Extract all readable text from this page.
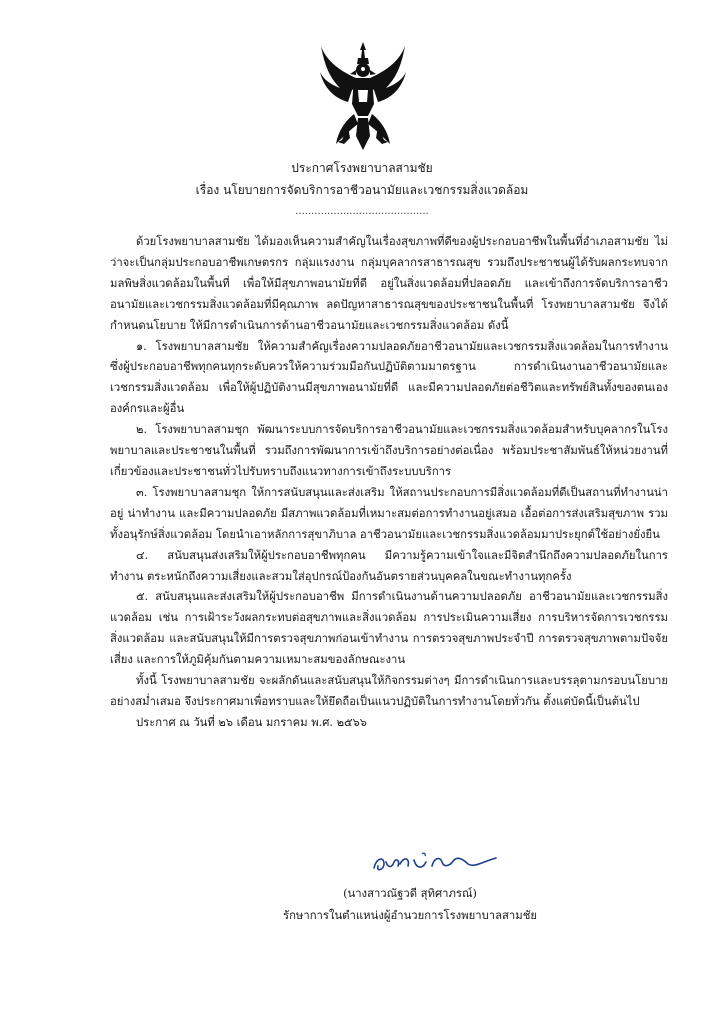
ประกาศโรงพยาบาลสามชัย
เรื่อง นโยบายการจัดบริการอาชีวอนามัยและเวชกรรมสิ่งแวดล้อม
..........................................

ด้วยโรงพยาบาลสามชัย ได้มองเห็นความสำคัญในเรื่องสุขภาพที่ดีของผู้ประกอบอาชีพในพื้นที่อำเภอสามชัย ไม่ว่าจะเป็นกลุ่มประกอบอาชีพเกษตรกร กลุ่มแรงงาน กลุ่มบุคลากรสาธารณสุข รวมถึงประชาชนผู้ได้รับผลกระทบจากมลพิษสิ่งแวดล้อมในพื้นที่ เพื่อให้มีสุขภาพอนามัยที่ดี อยู่ในสิ่งแวดล้อมที่ปลอดภัย และเข้าถึงการจัดบริการอาชีวอนามัยและเวชกรรมสิ่งแวดล้อมที่มีคุณภาพ ลดปัญหาสาธารณสุขของประชาชนในพื้นที่ โรงพยาบาลสามชัย จึงได้กำหนดนโยบาย ให้มีการดำเนินการด้านอาชีวอนามัยและเวชกรรมสิ่งแวดล้อม ดังนี้

๑. โรงพยาบาลสามชัย ให้ความสำคัญเรื่องความปลอดภัยอาชีวอนามัยและเวชกรรมสิ่งแวดล้อมในการทำงาน ซึ่งผู้ประกอบอาชีพทุกคนทุกระดับควรให้ความร่วมมือกันปฏิบัติตามมาตรฐาน การดำเนินงานอาชีวอนามัยและเวชกรรมสิ่งแวดล้อม เพื่อให้ผู้ปฏิบัติงานมีสุขภาพอนามัยที่ดี และมีความปลอดภัยต่อชีวิตและทรัพย์สินทั้งของตนเอง องค์กรและผู้อื่น

๒. โรงพยาบาลสามชุก พัฒนาระบบการจัดบริการอาชีวอนามัยและเวชกรรมสิ่งแวดล้อมสำหรับบุคลากรในโรงพยาบาลและประชาชนในพื้นที่ รวมถึงการพัฒนาการเข้าถึงบริการอย่างต่อเนื่อง พร้อมประชาสัมพันธ์ให้หน่วยงานที่เกี่ยวข้องและประชาชนทั่วไปรับทราบถึงแนวทางการเข้าถึงระบบบริการ

๓. โรงพยาบาลสามชุก ให้การสนับสนุนและส่งเสริม ให้สถานประกอบการมีสิ่งแวดล้อมที่ดีเป็นสถานที่ทำงานน่าอยู่ น่าทำงาน และมีความปลอดภัย มีสภาพแวดล้อมที่เหมาะสมต่อการทำงานอยู่เสมอ เอื้อต่อการส่งเสริมสุขภาพ รวมทั้งอนุรักษ์สิ่งแวดล้อม โดยนำเอาหลักการสุขาภิบาล อาชีวอนามัยและเวชกรรมสิ่งแวดล้อมมาประยุกต์ใช้อย่างยั่งยืน

๔. สนับสนุนส่งเสริมให้ผู้ประกอบอาชีพทุกคน มีความรู้ความเข้าใจและมีจิตสำนึกถึงความปลอดภัยในการทำงาน ตระหนักถึงความเสี่ยงและสวมใส่อุปกรณ์ป้องกันอันตรายส่วนบุคคลในขณะทำงานทุกครั้ง

๕. สนับสนุนและส่งเสริมให้ผู้ประกอบอาชีพ มีการดำเนินงานด้านความปลอดภัย อาชีวอนามัยและเวชกรรมสิ่งแวดล้อม เช่น การเฝ้าระวังผลกระทบต่อสุขภาพและสิ่งแวดล้อม การประเมินความเสี่ยง การบริหารจัดการเวชกรรมสิ่งแวดล้อม และสนับสนุนให้มีการตรวจสุขภาพก่อนเข้าทำงาน การตรวจสุขภาพประจำปี การตรวจสุขภาพตามปัจจัยเสี่ยง และการให้ภูมิคุ้มกันตามความเหมาะสมของลักษณะงาน

ทั้งนี้ โรงพยาบาลสามชัย จะผลักดันและสนับสนุนให้กิจกรรมต่างๆ มีการดำเนินการและบรรลุตามกรอบนโยบายอย่างสม่ำเสมอ จึงประกาศมาเพื่อทราบและให้ยึดถือเป็นแนวปฏิบัติในการทำงานโดยทั่วกัน ตั้งแต่บัดนี้เป็นต้นไป

ประกาศ ณ วันที่ ๒๖ เดือน มกราคม พ.ศ. ๒๕๖๖

(นางสาวณัฐวดี สุทิศาภรณ์)
รักษาการในตำแหน่งผู้อำนวยการโรงพยาบาลสามชัย
